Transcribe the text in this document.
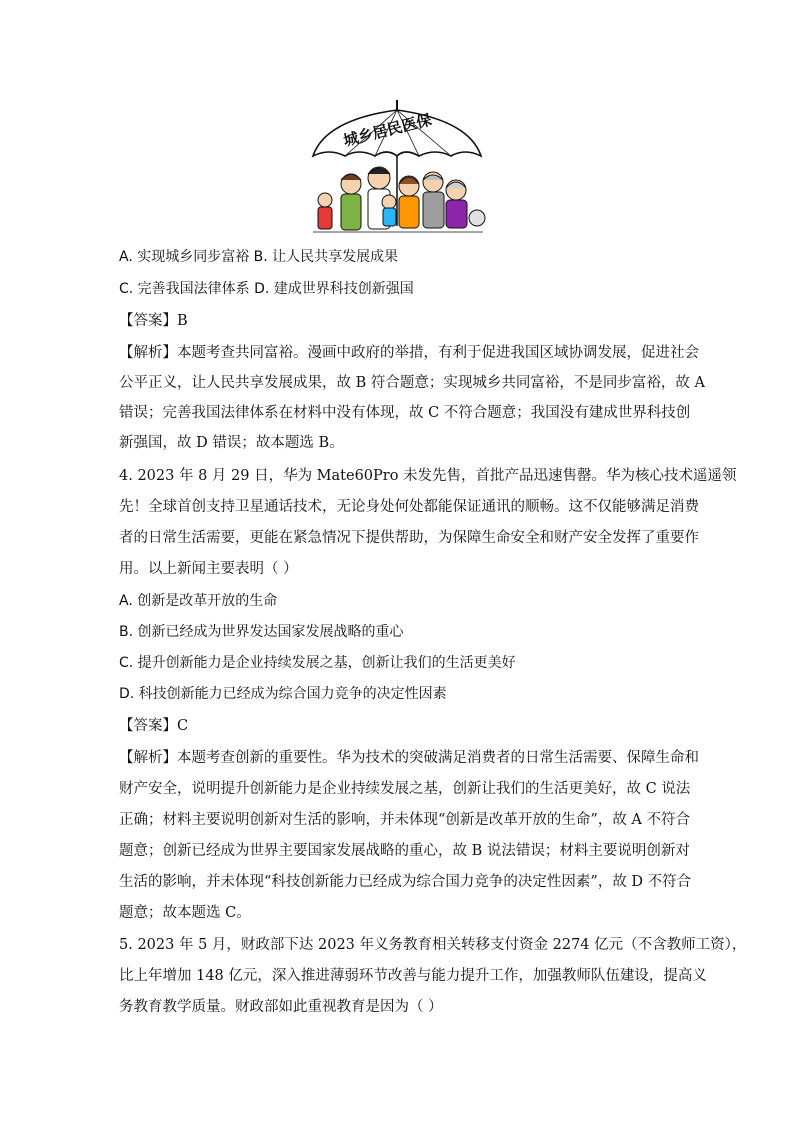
城乡居民医保
A. 实现城乡同步富裕 B. 让人民共享发展成果
C. 完善我国法律体系 D. 建成世界科技创新强国
【答案】B
【解析】本题考查共同富裕。漫画中政府的举措，有利于促进我国区域协调发展，促进社会
公平正义，让人民共享发展成果，故 B 符合题意；实现城乡共同富裕，不是同步富裕，故 A
错误；完善我国法律体系在材料中没有体现，故 C 不符合题意；我国没有建成世界科技创
新强国，故 D 错误；故本题选 B。
4. 2023 年 8 月 29 日，华为 Mate60Pro 未发先售，首批产品迅速售罄。华为核心技术遥遥领
先！全球首创支持卫星通话技术，无论身处何处都能保证通讯的顺畅。这不仅能够满足消费
者的日常生活需要，更能在紧急情况下提供帮助，为保障生命安全和财产安全发挥了重要作
用。以上新闻主要表明（ ）
A. 创新是改革开放的生命
B. 创新已经成为世界发达国家发展战略的重心
C. 提升创新能力是企业持续发展之基，创新让我们的生活更美好
D. 科技创新能力已经成为综合国力竞争的决定性因素
【答案】C
【解析】本题考查创新的重要性。华为技术的突破满足消费者的日常生活需要、保障生命和
财产安全，说明提升创新能力是企业持续发展之基，创新让我们的生活更美好，故 C 说法
正确；材料主要说明创新对生活的影响，并未体现“创新是改革开放的生命”，故 A 不符合
题意；创新已经成为世界主要国家发展战略的重心，故 B 说法错误；材料主要说明创新对
生活的影响，并未体现“科技创新能力已经成为综合国力竞争的决定性因素”，故 D 不符合
题意；故本题选 C。
5. 2023 年 5 月，财政部下达 2023 年义务教育相关转移支付资金 2274 亿元（不含教师工资），
比上年增加 148 亿元，深入推进薄弱环节改善与能力提升工作，加强教师队伍建设，提高义
务教育教学质量。财政部如此重视教育是因为（ ）
